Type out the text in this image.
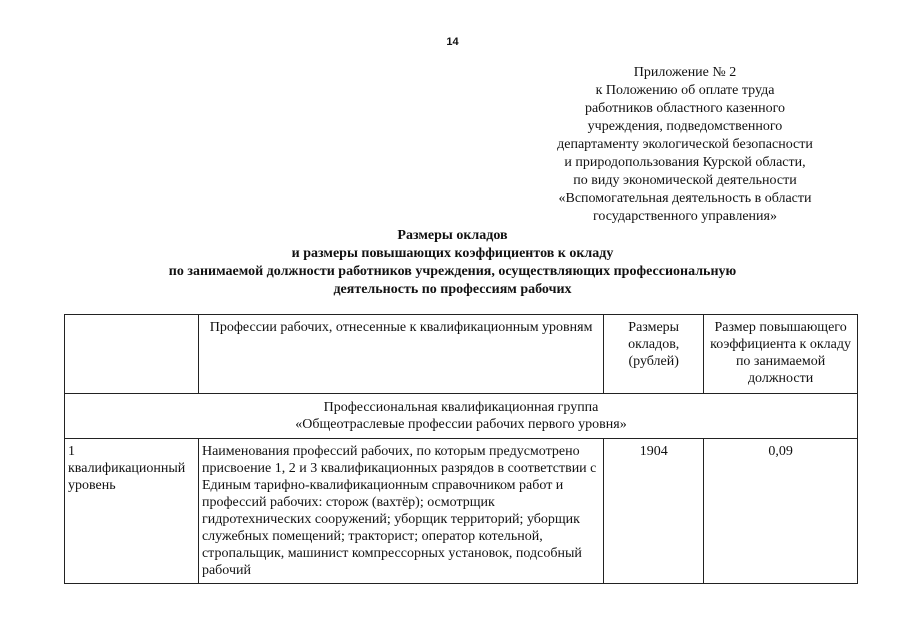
14
Приложение № 2
к Положению об оплате труда
работников областного казенного
учреждения, подведомственного
департаменту экологической безопасности
и природопользования Курской области,
по виду экономической деятельности
«Вспомогательная деятельность в области
государственного управления»
Размеры окладов
и размеры повышающих коэффициентов к окладу
по занимаемой должности работников учреждения, осуществляющих профессиональную
деятельность по профессиям рабочих
	Профессии рабочих, отнесенные к квалификационным уровням	Размеры окладов, (рублей)	Размер повышающего коэффициента к окладу по занимаемой должности

Профессиональная квалификационная группа
«Общеотраслевые профессии рабочих первого уровня»			

1
квалификационный уровень	Наименования профессий рабочих, по которым предусмотрено присвоение 1, 2 и 3 квалификационных разрядов в соответствии с Единым тарифно-квалификационным справочником работ и профессий рабочих: сторож (вахтёр); осмотрщик гидротехнических сооружений; уборщик территорий; уборщик служебных помещений; тракторист; оператор котельной, стропальщик, машинист компрессорных установок, подсобный рабочий	1904	0,09
